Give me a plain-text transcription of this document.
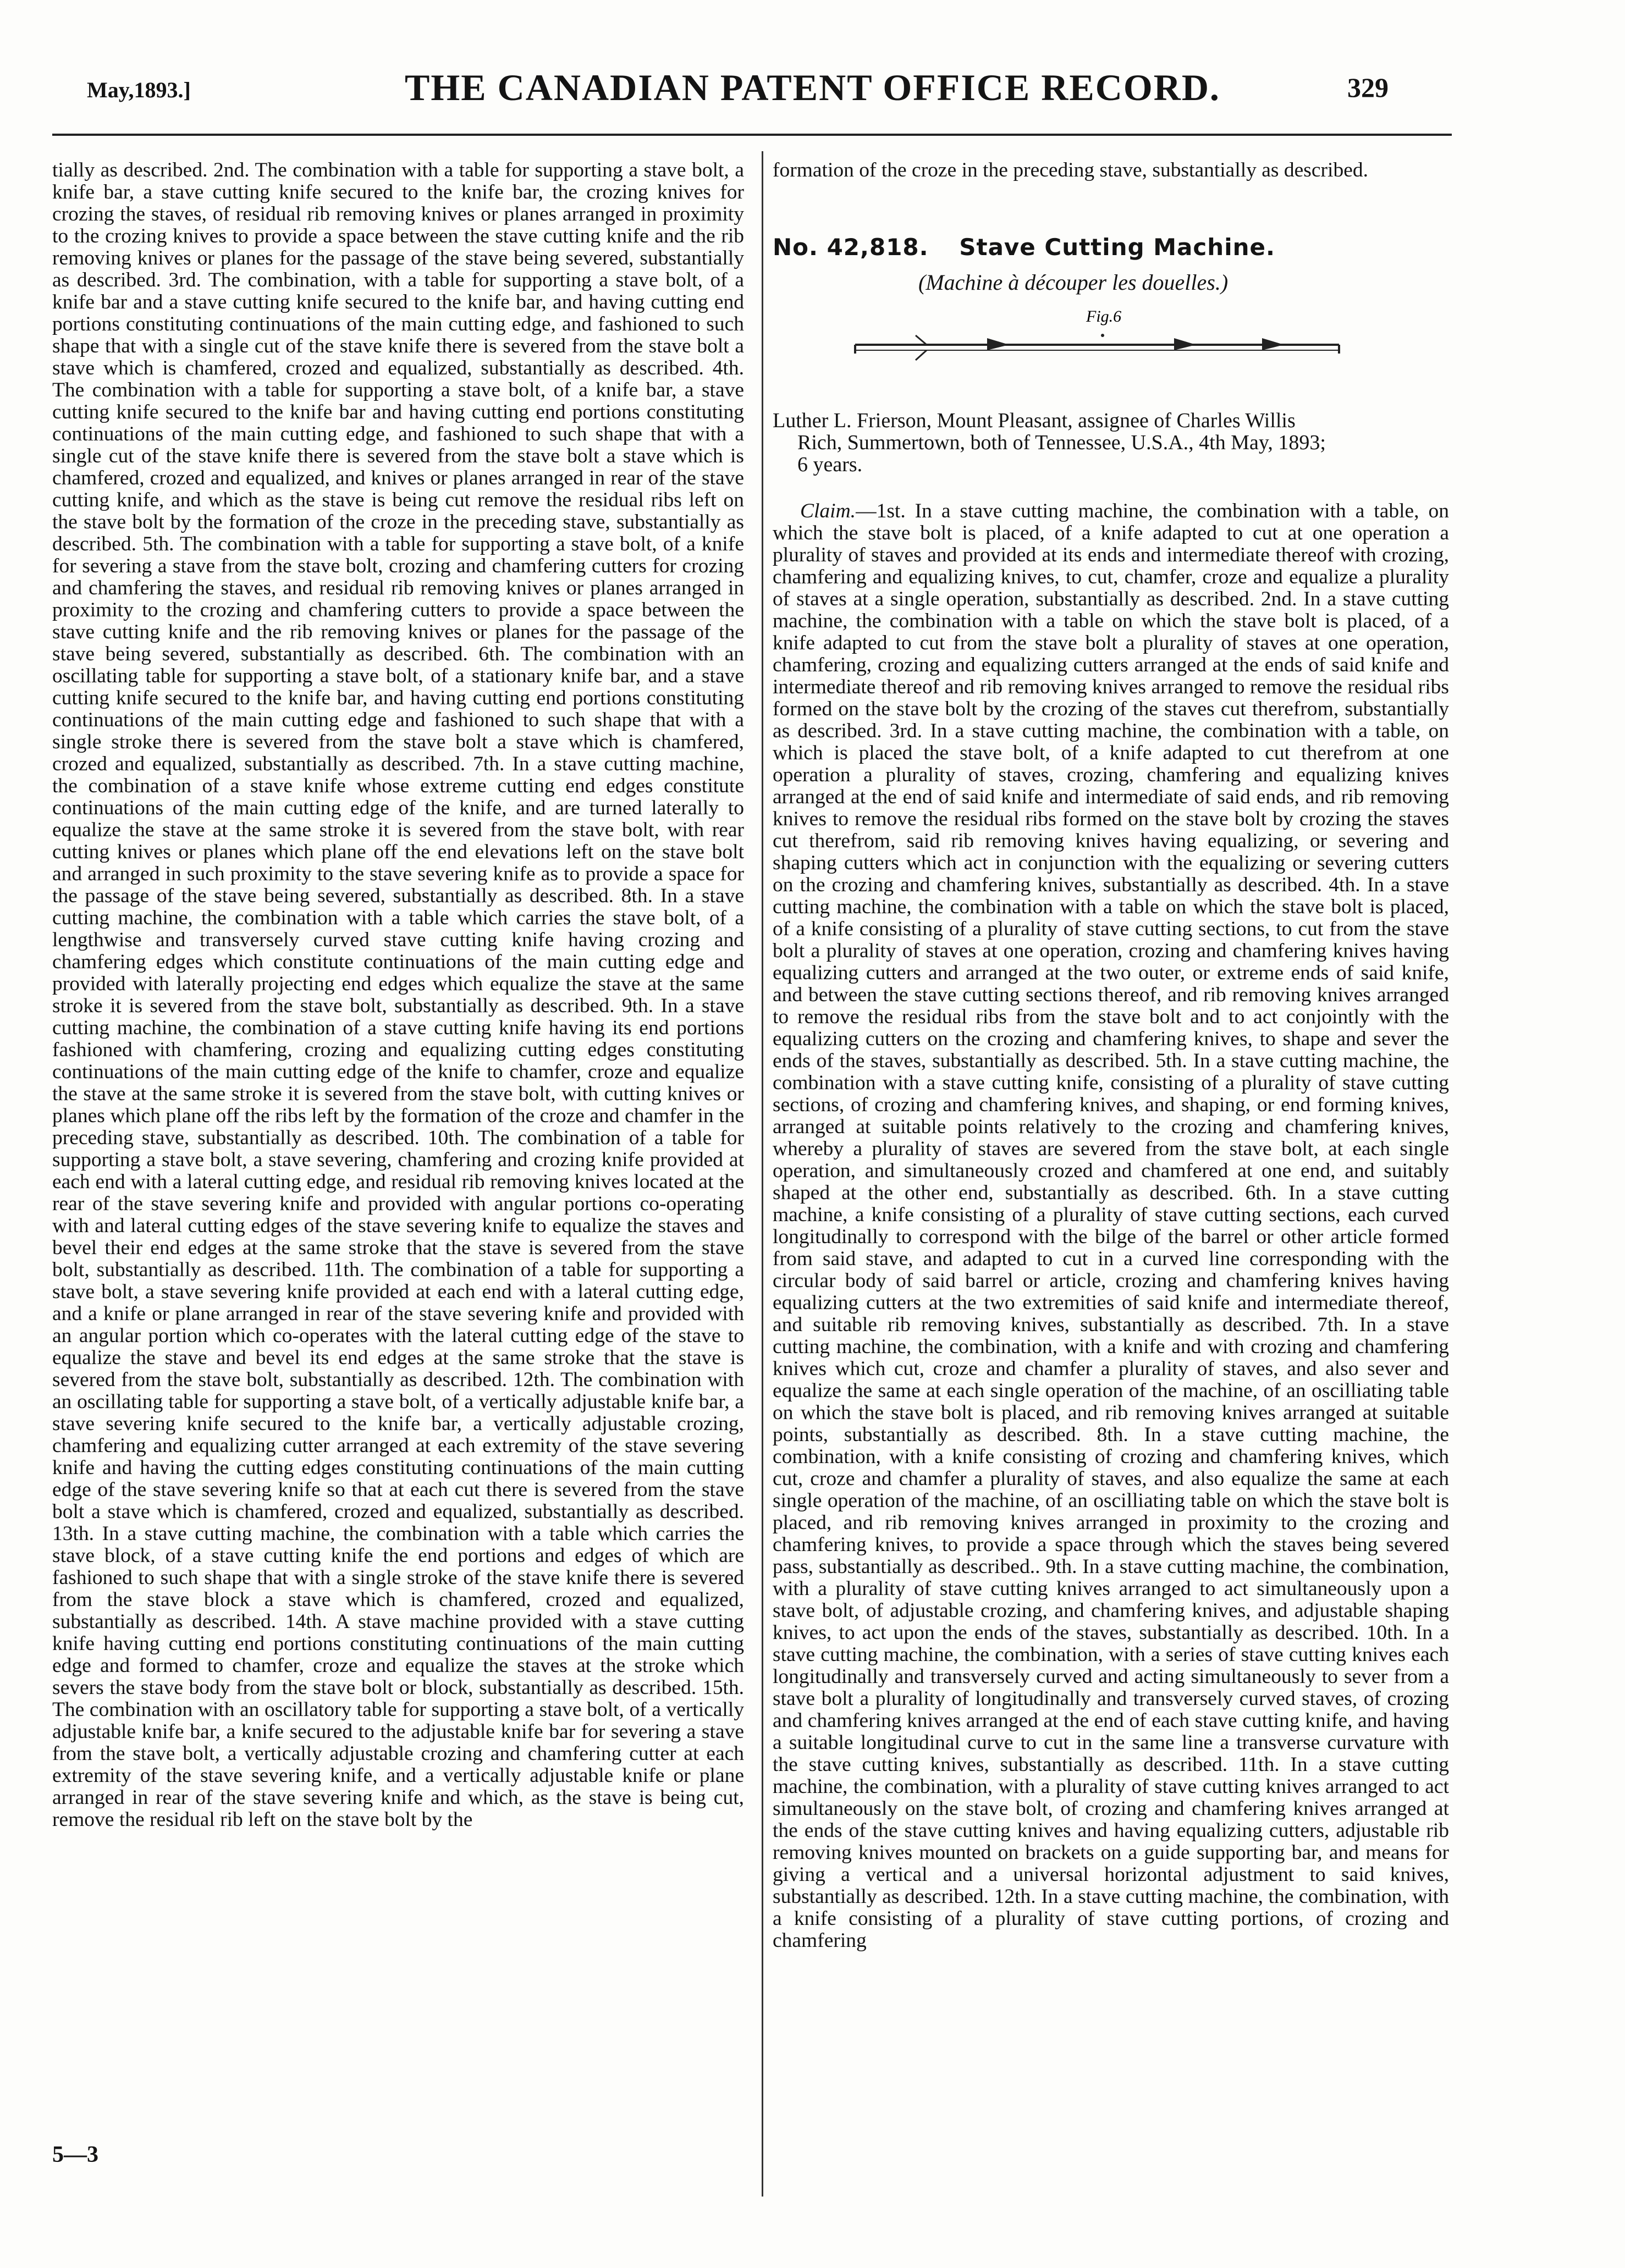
May,1893.]	THE CANADIAN PATENT OFFICE RECORD.	329

tially as described. 2nd. The combination with a table for supporting a stave bolt, a knife bar, a stave cutting knife secured to the knife bar, the crozing knives for crozing the staves, of residual rib removing knives or planes arranged in proximity to the crozing knives to provide a space between the stave cutting knife and the rib removing knives or planes for the passage of the stave being severed, substantially as described. 3rd. The combination, with a table for supporting a stave bolt, of a knife bar and a stave cutting knife secured to the knife bar, and having cutting end portions constituting continuations of the main cutting edge, and fashioned to such shape that with a single cut of the stave knife there is severed from the stave bolt a stave which is chamfered, crozed and equalized, substantially as described. 4th. The combination with a table for supporting a stave bolt, of a knife bar, a stave cutting knife secured to the knife bar and having cutting end portions constituting continuations of the main cutting edge, and fashioned to such shape that with a single cut of the stave knife there is severed from the stave bolt a stave which is chamfered, crozed and equalized, and knives or planes arranged in rear of the stave cutting knife, and which as the stave is being cut remove the residual ribs left on the stave bolt by the formation of the croze in the preceding stave, substantially as described. 5th. The combination with a table for supporting a stave bolt, of a knife for severing a stave from the stave bolt, crozing and chamfering cutters for crozing and chamfering the staves, and residual rib removing knives or planes arranged in proximity to the crozing and chamfering cutters to provide a space between the stave cutting knife and the rib removing knives or planes for the passage of the stave being severed, substantially as described. 6th. The combination with an oscillating table for supporting a stave bolt, of a stationary knife bar, and a stave cutting knife secured to the knife bar, and having cutting end portions constituting continuations of the main cutting edge and fashioned to such shape that with a single stroke there is severed from the stave bolt a stave which is chamfered, crozed and equalized, substantially as described. 7th. In a stave cutting machine, the combination of a stave knife whose extreme cutting end edges constitute continuations of the main cutting edge of the knife, and are turned laterally to equalize the stave at the same stroke it is severed from the stave bolt, with rear cutting knives or planes which plane off the end elevations left on the stave bolt and arranged in such proximity to the stave severing knife as to provide a space for the passage of the stave being severed, substantially as described. 8th. In a stave cutting machine, the combination with a table which carries the stave bolt, of a lengthwise and transversely curved stave cutting knife having crozing and chamfering edges which constitute continuations of the main cutting edge and provided with laterally projecting end edges which equalize the stave at the same stroke it is severed from the stave bolt, substantially as described. 9th. In a stave cutting machine, the combination of a stave cutting knife having its end portions fashioned with chamfering, crozing and equalizing cutting edges constituting continuations of the main cutting edge of the knife to chamfer, croze and equalize the stave at the same stroke it is severed from the stave bolt, with cutting knives or planes which plane off the ribs left by the formation of the croze and chamfer in the preceding stave, substantially as described. 10th. The combination of a table for supporting a stave bolt, a stave severing, chamfering and crozing knife provided at each end with a lateral cutting edge, and residual rib removing knives located at the rear of the stave severing knife and provided with angular portions co-operating with and lateral cutting edges of the stave severing knife to equalize the staves and bevel their end edges at the same stroke that the stave is severed from the stave bolt, substantially as described. 11th. The combination of a table for supporting a stave bolt, a stave severing knife provided at each end with a lateral cutting edge, and a knife or plane arranged in rear of the stave severing knife and provided with an angular portion which co-operates with the lateral cutting edge of the stave to equalize the stave and bevel its end edges at the same stroke that the stave is severed from the stave bolt, substantially as described. 12th. The combination with an oscillating table for supporting a stave bolt, of a vertically adjustable knife bar, a stave severing knife secured to the knife bar, a vertically adjustable crozing, chamfering and equalizing cutter arranged at each extremity of the stave severing knife and having the cutting edges constituting continuations of the main cutting edge of the stave severing knife so that at each cut there is severed from the stave bolt a stave which is chamfered, crozed and equalized, substantially as described. 13th. In a stave cutting machine, the combination with a table which carries the stave block, of a stave cutting knife the end portions and edges of which are fashioned to such shape that with a single stroke of the stave knife there is severed from the stave block a stave which is chamfered, crozed and equalized, substantially as described. 14th. A stave machine provided with a stave cutting knife having cutting end portions constituting continuations of the main cutting edge and formed to chamfer, croze and equalize the staves at the stroke which severs the stave body from the stave bolt or block, substantially as described. 15th. The combination with an oscillatory table for supporting a stave bolt, of a vertically adjustable knife bar, a knife secured to the adjustable knife bar for severing a stave from the stave bolt, a vertically adjustable crozing and chamfering cutter at each extremity of the stave severing knife, and a vertically adjustable knife or plane arranged in rear of the stave severing knife and which, as the stave is being cut, remove the residual rib left on the stave bolt by the

formation of the croze in the preceding stave, substantially as described.

No. 42,818. Stave Cutting Machine.
(Machine à découper les douelles.)
Fig.6
Luther L. Frierson, Mount Pleasant, assignee of Charles Willis
Rich, Summertown, both of Tennessee, U.S.A., 4th May, 1893;
6 years.

Claim.—1st. In a stave cutting machine, the combination with a table, on which the stave bolt is placed, of a knife adapted to cut at one operation a plurality of staves and provided at its ends and intermediate thereof with crozing, chamfering and equalizing knives, to cut, chamfer, croze and equalize a plurality of staves at a single operation, substantially as described. 2nd. In a stave cutting machine, the combination with a table on which the stave bolt is placed, of a knife adapted to cut from the stave bolt a plurality of staves at one operation, chamfering, crozing and equalizing cutters arranged at the ends of said knife and intermediate thereof and rib removing knives arranged to remove the residual ribs formed on the stave bolt by the crozing of the staves cut therefrom, substantially as described. 3rd. In a stave cutting machine, the combination with a table, on which is placed the stave bolt, of a knife adapted to cut therefrom at one operation a plurality of staves, crozing, chamfering and equalizing knives arranged at the end of said knife and intermediate of said ends, and rib removing knives to remove the residual ribs formed on the stave bolt by crozing the staves cut therefrom, said rib removing knives having equalizing, or severing and shaping cutters which act in conjunction with the equalizing or severing cutters on the crozing and chamfering knives, substantially as described. 4th. In a stave cutting machine, the combination with a table on which the stave bolt is placed, of a knife consisting of a plurality of stave cutting sections, to cut from the stave bolt a plurality of staves at one operation, crozing and chamfering knives having equalizing cutters and arranged at the two outer, or extreme ends of said knife, and between the stave cutting sections thereof, and rib removing knives arranged to remove the residual ribs from the stave bolt and to act conjointly with the equalizing cutters on the crozing and chamfering knives, to shape and sever the ends of the staves, substantially as described. 5th. In a stave cutting machine, the combination with a stave cutting knife, consisting of a plurality of stave cutting sections, of crozing and chamfering knives, and shaping, or end forming knives, arranged at suitable points relatively to the crozing and chamfering knives, whereby a plurality of staves are severed from the stave bolt, at each single operation, and simultaneously crozed and chamfered at one end, and suitably shaped at the other end, substantially as described. 6th. In a stave cutting machine, a knife consisting of a plurality of stave cutting sections, each curved longitudinally to correspond with the bilge of the barrel or other article formed from said stave, and adapted to cut in a curved line corresponding with the circular body of said barrel or article, crozing and chamfering knives having equalizing cutters at the two extremities of said knife and intermediate thereof, and suitable rib removing knives, substantially as described. 7th. In a stave cutting machine, the combination, with a knife and with crozing and chamfering knives which cut, croze and chamfer a plurality of staves, and also sever and equalize the same at each single operation of the machine, of an oscilliating table on which the stave bolt is placed, and rib removing knives arranged at suitable points, substantially as described. 8th. In a stave cutting machine, the combination, with a knife consisting of crozing and chamfering knives, which cut, croze and chamfer a plurality of staves, and also equalize the same at each single operation of the machine, of an oscilliating table on which the stave bolt is placed, and rib removing knives arranged in proximity to the crozing and chamfering knives, to provide a space through which the staves being severed pass, substantially as described.. 9th. In a stave cutting machine, the combination, with a plurality of stave cutting knives arranged to act simultaneously upon a stave bolt, of adjustable crozing, and chamfering knives, and adjustable shaping knives, to act upon the ends of the staves, substantially as described. 10th. In a stave cutting machine, the combination, with a series of stave cutting knives each longitudinally and transversely curved and acting simultaneously to sever from a stave bolt a plurality of longitudinally and transversely curved staves, of crozing and chamfering knives arranged at the end of each stave cutting knife, and having a suitable longitudinal curve to cut in the same line a transverse curvature with the stave cutting knives, substantially as described. 11th. In a stave cutting machine, the combination, with a plurality of stave cutting knives arranged to act simultaneously on the stave bolt, of crozing and chamfering knives arranged at the ends of the stave cutting knives and having equalizing cutters, adjustable rib removing knives mounted on brackets on a guide supporting bar, and means for giving a vertical and a universal horizontal adjustment to said knives, substantially as described. 12th. In a stave cutting machine, the combination, with a knife consisting of a plurality of stave cutting portions, of crozing and chamfering

5—3
